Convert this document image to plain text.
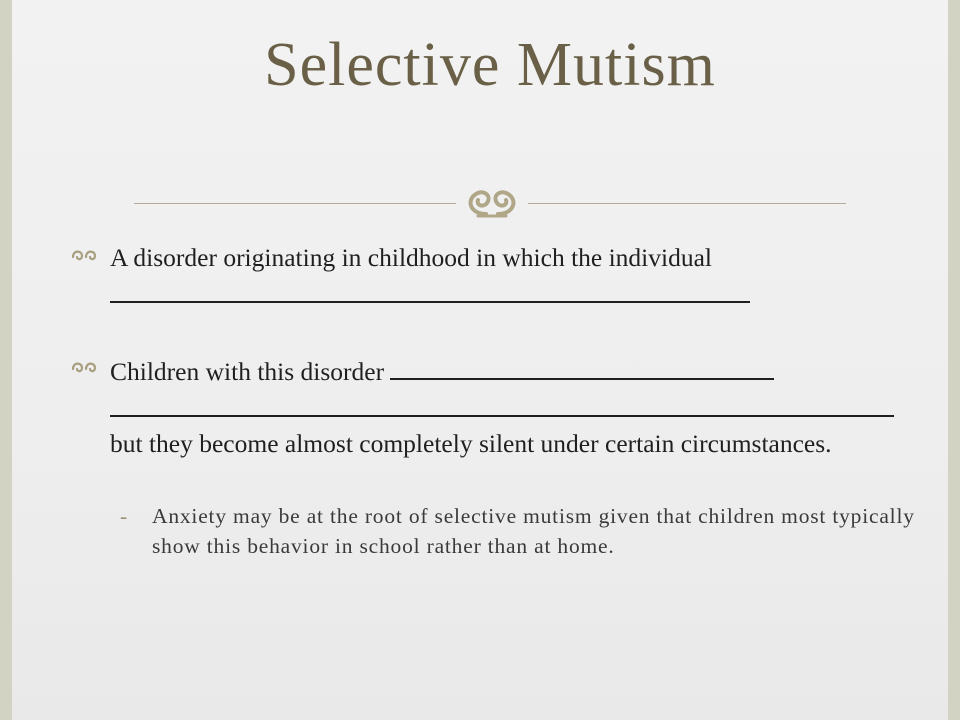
Selective Mutism
A disorder originating in childhood in which the individual
Children with this disorder

but they become almost completely silent under certain circumstances.
- Anxiety may be at the root of selective mutism given that children most typically show this behavior in school rather than at home.
